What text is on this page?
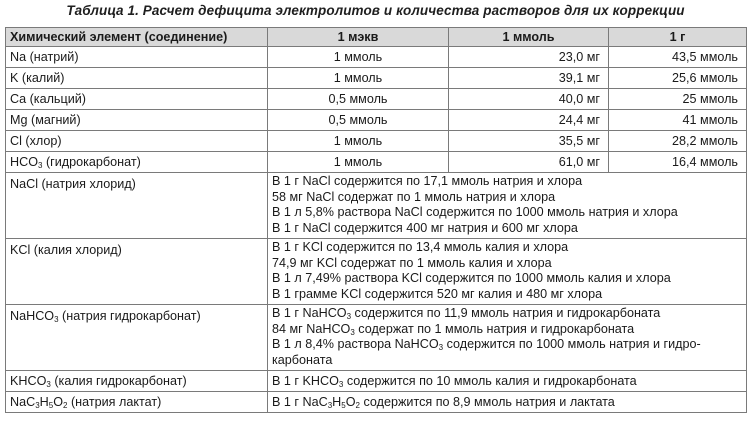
Таблица 1. Расчет дефицита электролитов и количества растворов для их коррекции
Химический элемент (соединение)	1 мэкв	1 ммоль	1 г
Na (натрий)	1 ммоль	23,0 мг	43,5 ммоль
K (калий)	1 ммоль	39,1 мг	25,6 ммоль
Ca (кальций)	0,5 ммоль	40,0 мг	25 ммоль
Mg (магний)	0,5 ммоль	24,4 мг	41 ммоль
Cl (хлор)	1 ммоль	35,5 мг	28,2 ммоль
$HCO_3$ (гидрокарбонат)	1 ммоль	61,0 мг	16,4 ммоль
NaCl (натрия хлорид)	В 1 г NaCl содержится по 17,1 ммоль натрия и хлора
58 мг NaCl содержат по 1 ммоль натрия и хлора
В 1 л 5,8% раствора NaCl содержится по 1000 ммоль натрия и хлора
В 1 г NaCl содержится 400 мг натрия и 600 мг хлора		

KCl (калия хлорид)	В 1 г KCl содержится по 13,4 ммоль калия и хлора
74,9 мг KCl содержат по 1 ммоль калия и хлора
В 1 л 7,49% раствора KCl содержится по 1000 ммоль калия и хлора
В 1 грамме KCl содержится 520 мг калия и 480 мг хлора		

NaHCO$_3$ (натрия гидрокарбонат)	В 1 г NaHCO$_3$ содержится по 11,9 ммоль натрия и гидрокарбоната
84 мг NaHCO$_3$ содержат по 1 ммоль натрия и гидрокарбоната
В 1 л 8,4% раствора NaHCO$_3$ содержится по 1000 ммоль натрия и гидро-
карбоната		

$KHCO_3$ (калия гидрокарбонат)	В 1 г $KHCO_3$ содержится по 10 ммоль калия и гидрокарбоната		
$NaC_3H_5O_2$ (натрия лактат)	В 1 г $NaC_3H_5O_2$ содержится по 8,9 ммоль натрия и лактата		
